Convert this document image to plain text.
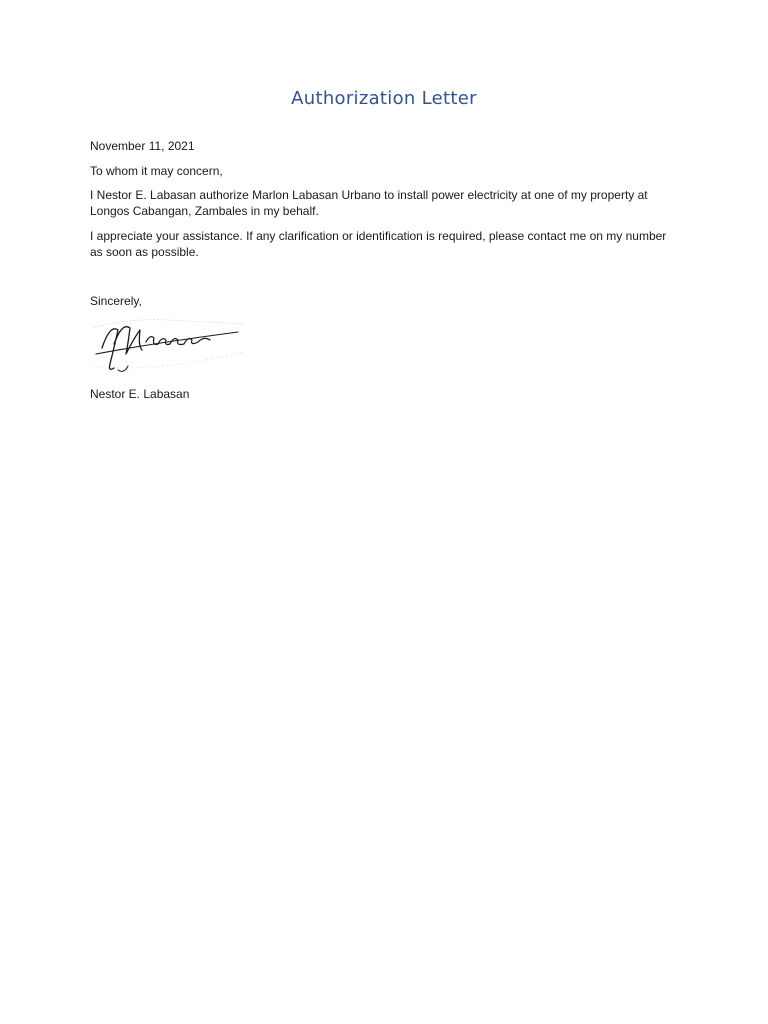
Authorization Letter

November 11, 2021

To whom it may concern,

I Nestor E. Labasan authorize Marlon Labasan Urbano to install power electricity at one of my property at Longos Cabangan, Zambales in my behalf.

I appreciate your assistance. If any clarification or identification is required, please contact me on my number as soon as possible.

Sincerely,

Nestor E. Labasan
